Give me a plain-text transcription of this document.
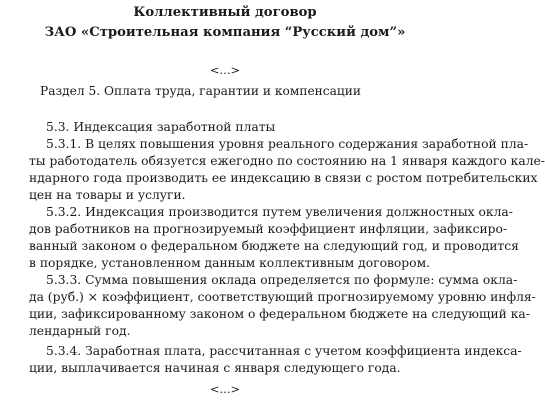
Коллективный договор
ЗАО «Строительная компания “Русский дом”»
<...>
Раздел 5. Оплата труда, гарантии и компенсации
5.3. Индексация заработной платы
5.3.1. В целях повышения уровня реального содержания заработной пла-
ты работодатель обязуется ежегодно по состоянию на 1 января каждого кале-
ндарного года производить ее индексацию в связи с ростом потребительских
цен на товары и услуги.
5.3.2. Индексация производится путем увеличения должностных окла-
дов работников на прогнозируемый коэффициент инфляции, зафиксиро-
ванный законом о федеральном бюджете на следующий год, и проводится
в порядке, установленном данным коллективным договором.
5.3.3. Сумма повышения оклада определяется по формуле: сумма окла-
да (руб.) × коэффициент, соответствующий прогнозируемому уровню инфля-
ции, зафиксированному законом о федеральном бюджете на следующий ка-
лендарный год.
5.3.4. Заработная плата, рассчитанная с учетом коэффициента индекса-
ции, выплачивается начиная с января следующего года.
<...>
